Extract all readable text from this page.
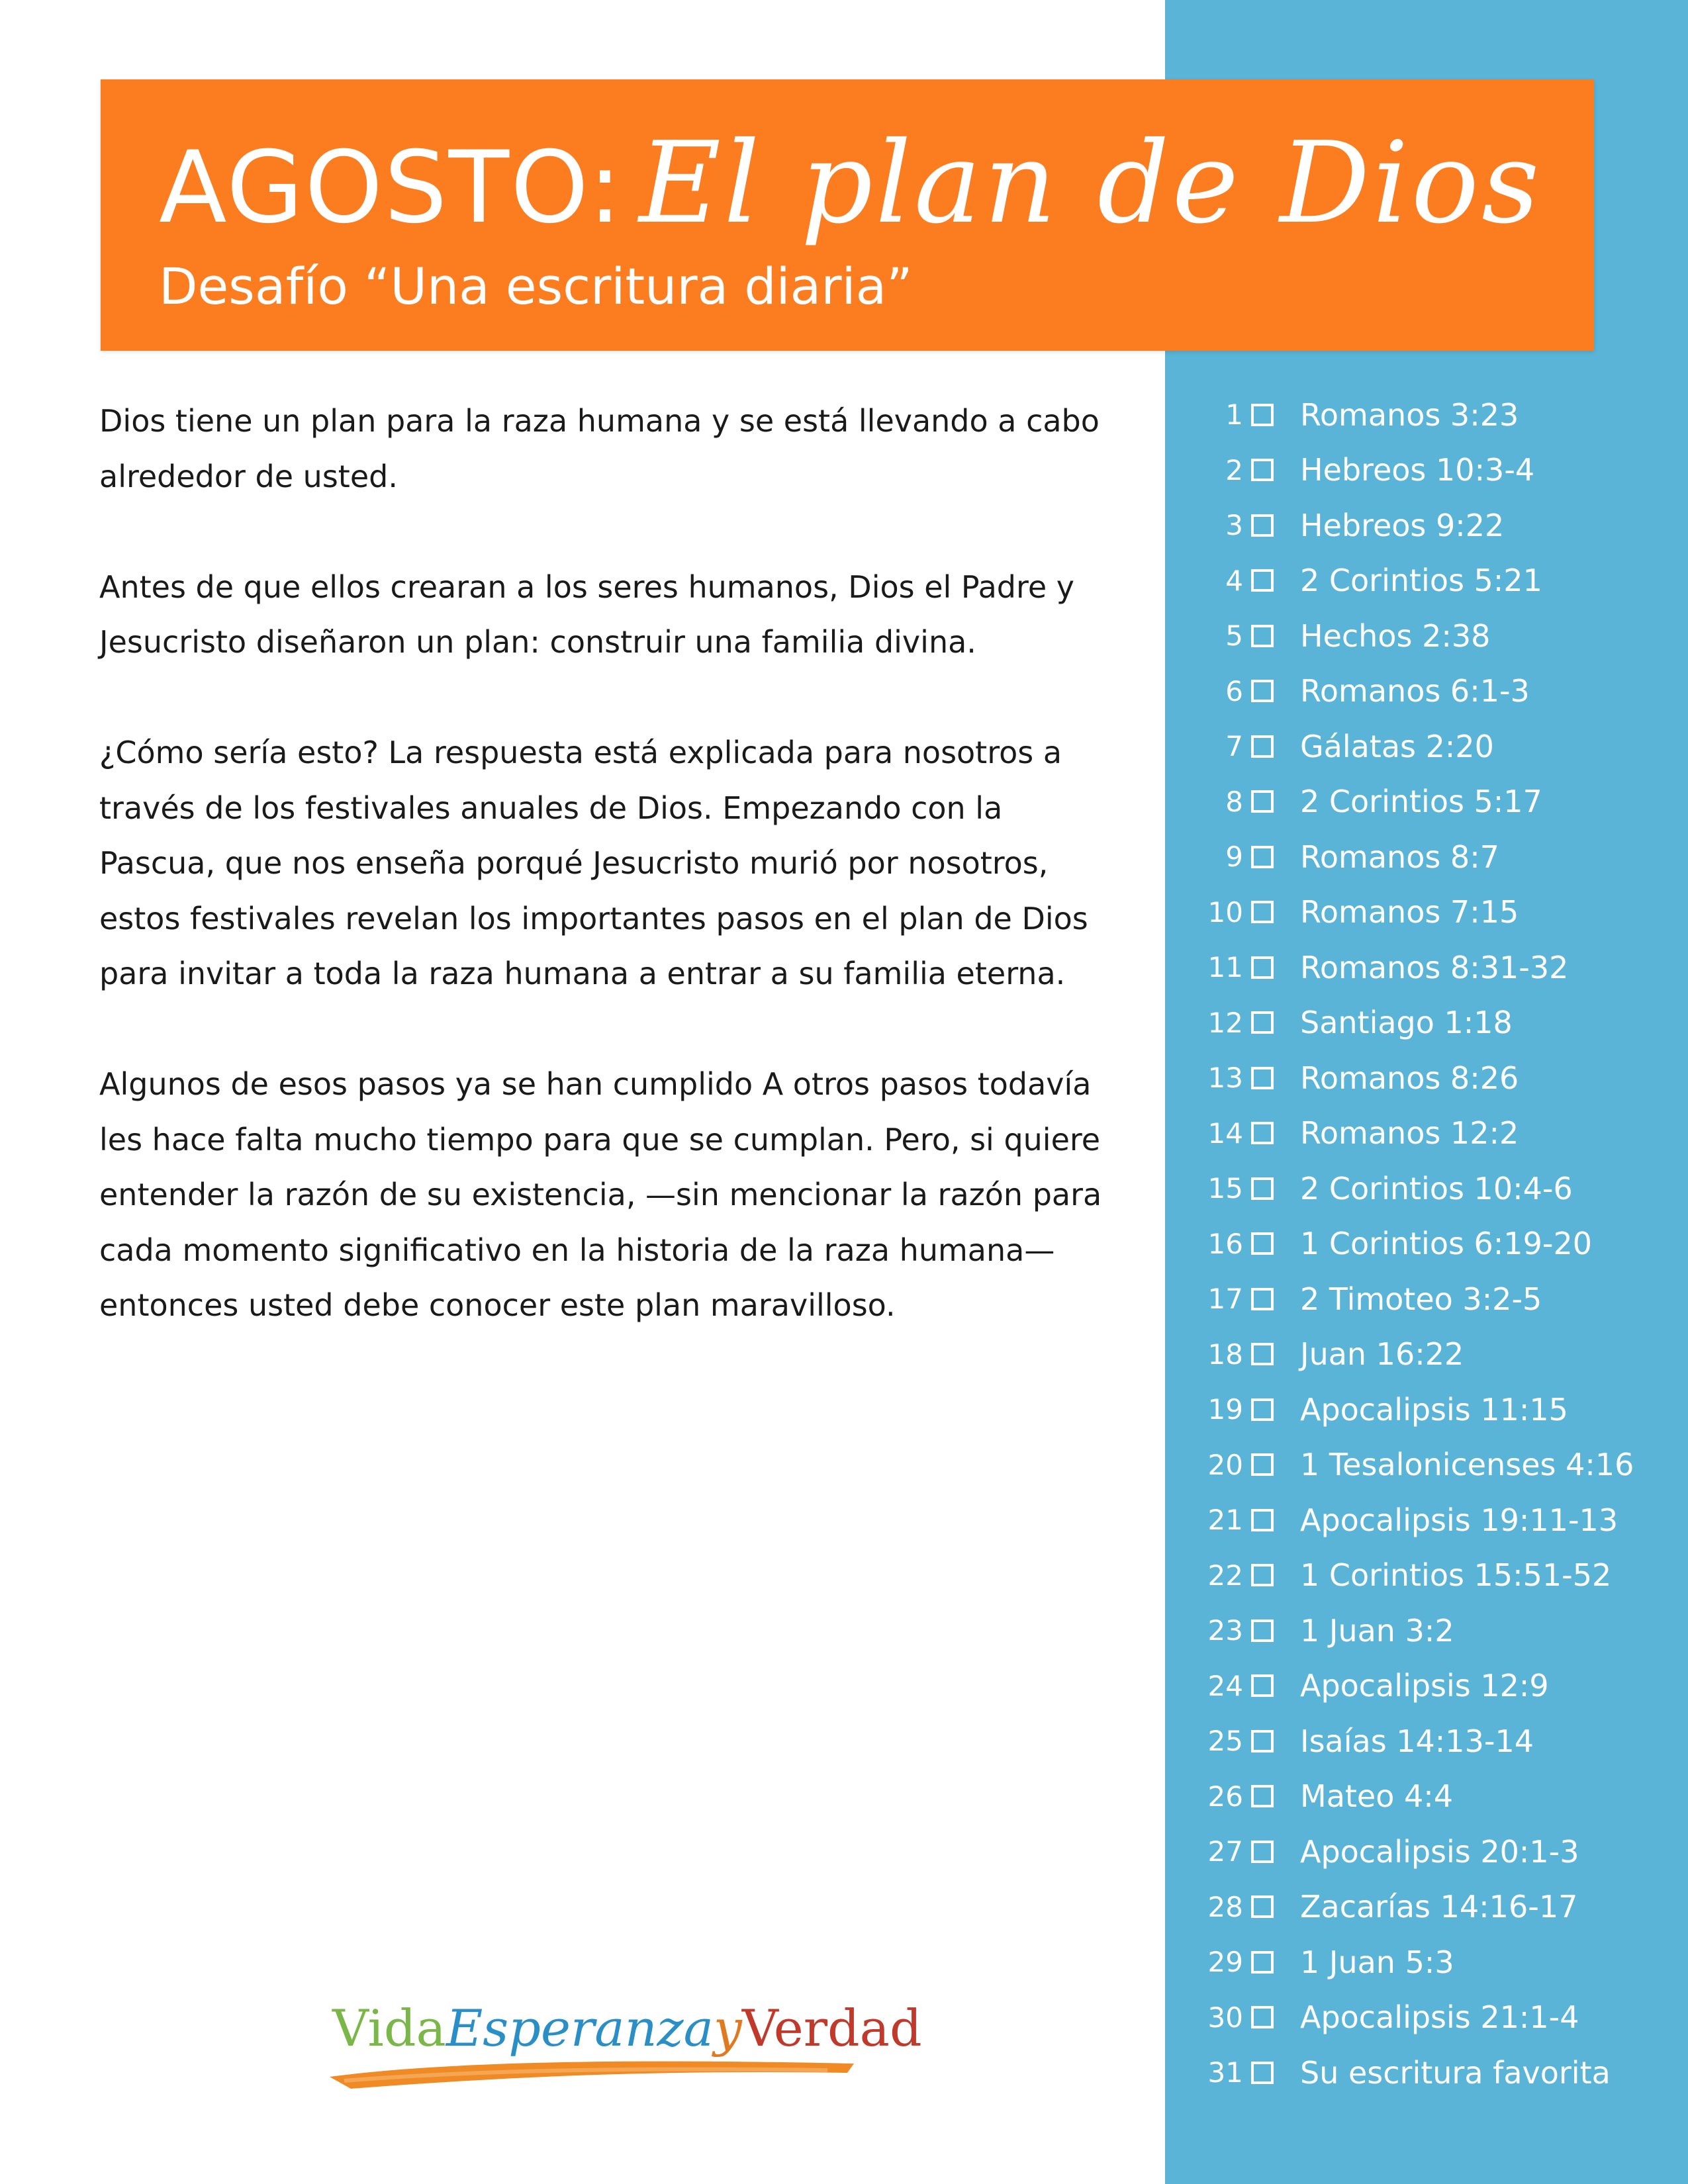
AGOSTO: El plan de Dios
Desafío “Una escritura diaria”

Dios tiene un plan para la raza humana y se está llevando a cabo alrededor de usted.

Antes de que ellos crearan a los seres humanos, Dios el Padre y Jesucristo diseñaron un plan: construir una familia divina.

¿Cómo sería esto? La respuesta está explicada para nosotros a través de los festivales anuales de Dios. Empezando con la Pascua, que nos enseña porqué Jesucristo murió por nosotros, estos festivales revelan los importantes pasos en el plan de Dios para invitar a toda la raza humana a entrar a su familia eterna.

Algunos de esos pasos ya se han cumplido A otros pasos todavía les hace falta mucho tiempo para que se cumplan. Pero, si quiere entender la razón de su existencia, —sin mencionar la razón para cada momento significativo en la historia de la raza humana— entonces usted debe conocer este plan maravilloso.

1 Romanos 3:23
2 Hebreos 10:3-4
3 Hebreos 9:22
4 2 Corintios 5:21
5 Hechos 2:38
6 Romanos 6:1-3
7 Gálatas 2:20
8 2 Corintios 5:17
9 Romanos 8:7
10 Romanos 7:15
11 Romanos 8:31-32
12 Santiago 1:18
13 Romanos 8:26
14 Romanos 12:2
15 2 Corintios 10:4-6
16 1 Corintios 6:19-20
17 2 Timoteo 3:2-5
18 Juan 16:22
19 Apocalipsis 11:15
20 1 Tesalonicenses 4:16
21 Apocalipsis 19:11-13
22 1 Corintios 15:51-52
23 1 Juan 3:2
24 Apocalipsis 12:9
25 Isaías 14:13-14
26 Mateo 4:4
27 Apocalipsis 20:1-3
28 Zacarías 14:16-17
29 1 Juan 5:3
30 Apocalipsis 21:1-4
31 Su escritura favorita
VidaEsperanzayVerdad
